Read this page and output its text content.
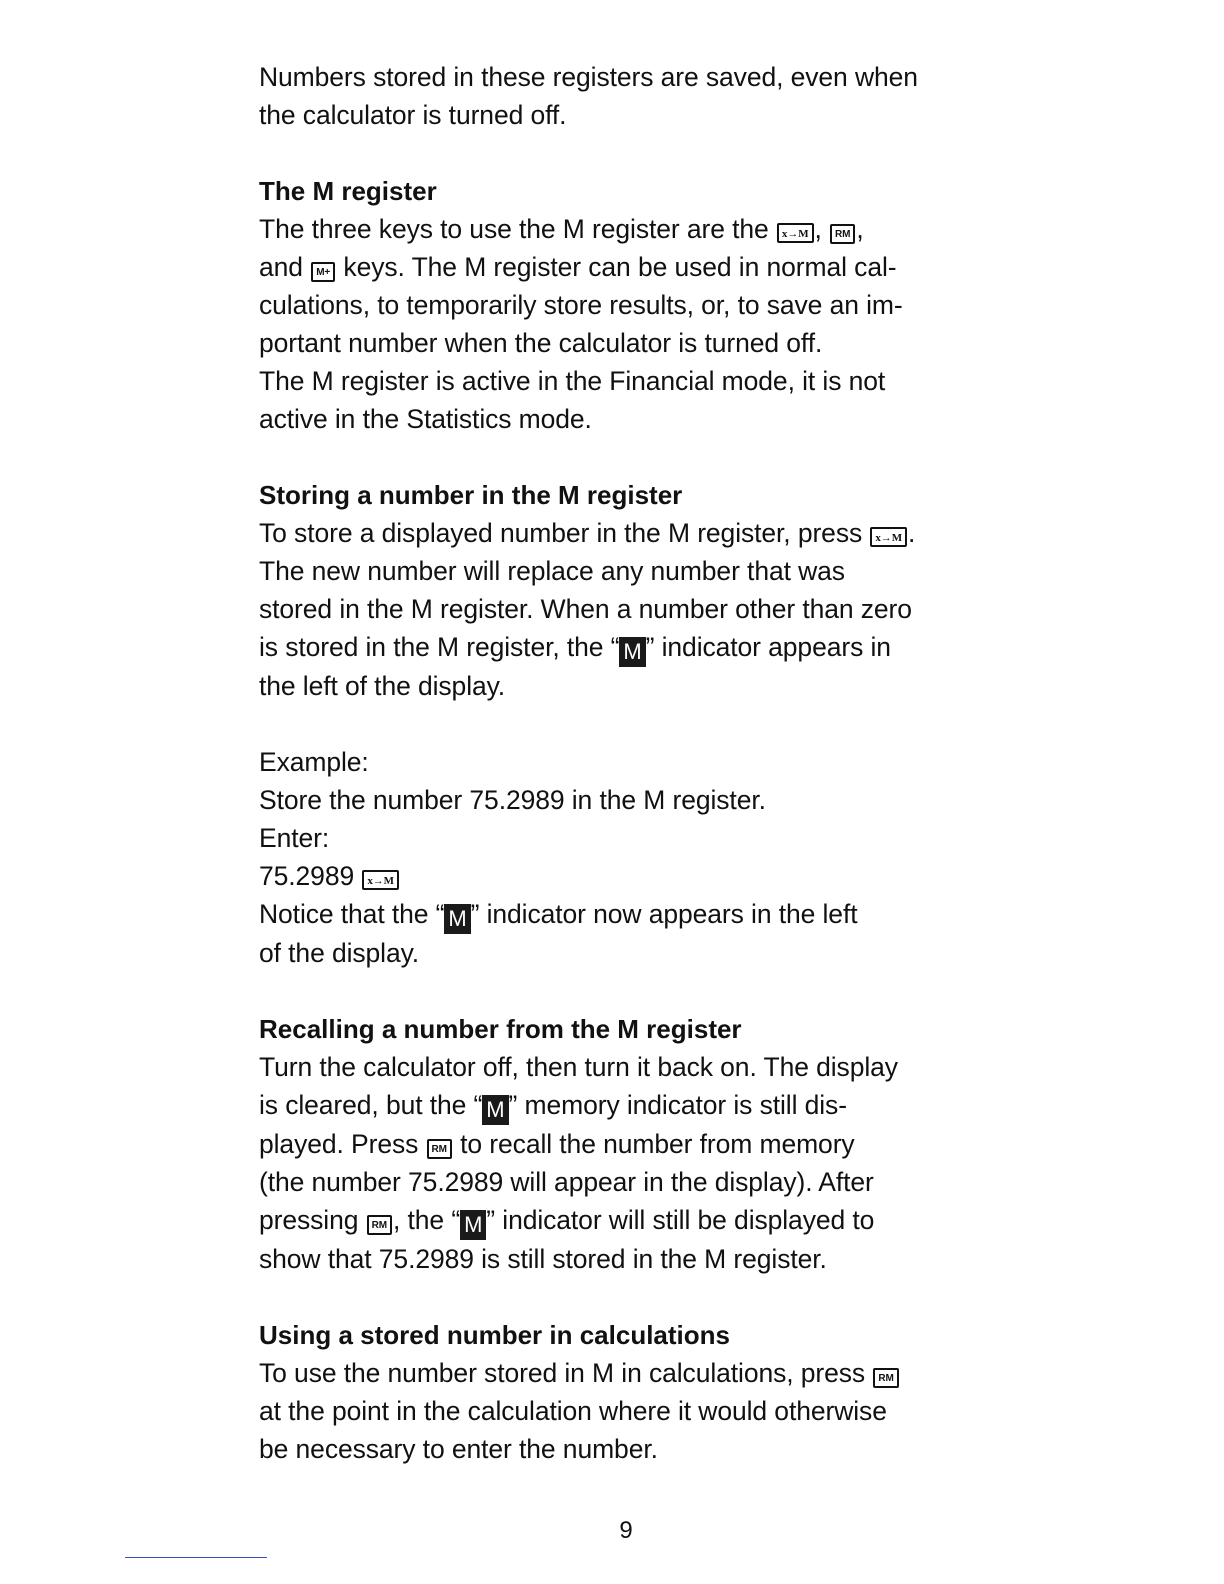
Numbers stored in these registers are saved, even when

the calculator is turned off.

The M register

The three keys to use the M register are the x→M , RM ,

and M+ keys. The M register can be used in normal cal-

culations, to temporarily store results, or, to save an im-

portant number when the calculator is turned off.

The M register is active in the Financial mode, it is not

active in the Statistics mode.

Storing a number in the M register

To store a displayed number in the M register, press x→M .

The new number will replace any number that was

stored in the M register. When a number other than zero

is stored in the M register, the “ M ” indicator appears in

the left of the display.

Example:

Store the number 75.2989 in the M register.

Enter:

75.2989 x→M

Notice that the “ M ” indicator now appears in the left

of the display.

Recalling a number from the M register

Turn the calculator off, then turn it back on. The display

is cleared, but the “ M ” memory indicator is still dis-

played. Press RM to recall the number from memory

(the number 75.2989 will appear in the display). After

pressing RM , the “ M ” indicator will still be displayed to

show that 75.2989 is still stored in the M register.

Using a stored number in calculations

To use the number stored in M in calculations, press RM

at the point in the calculation where it would otherwise

be necessary to enter the number.

9
